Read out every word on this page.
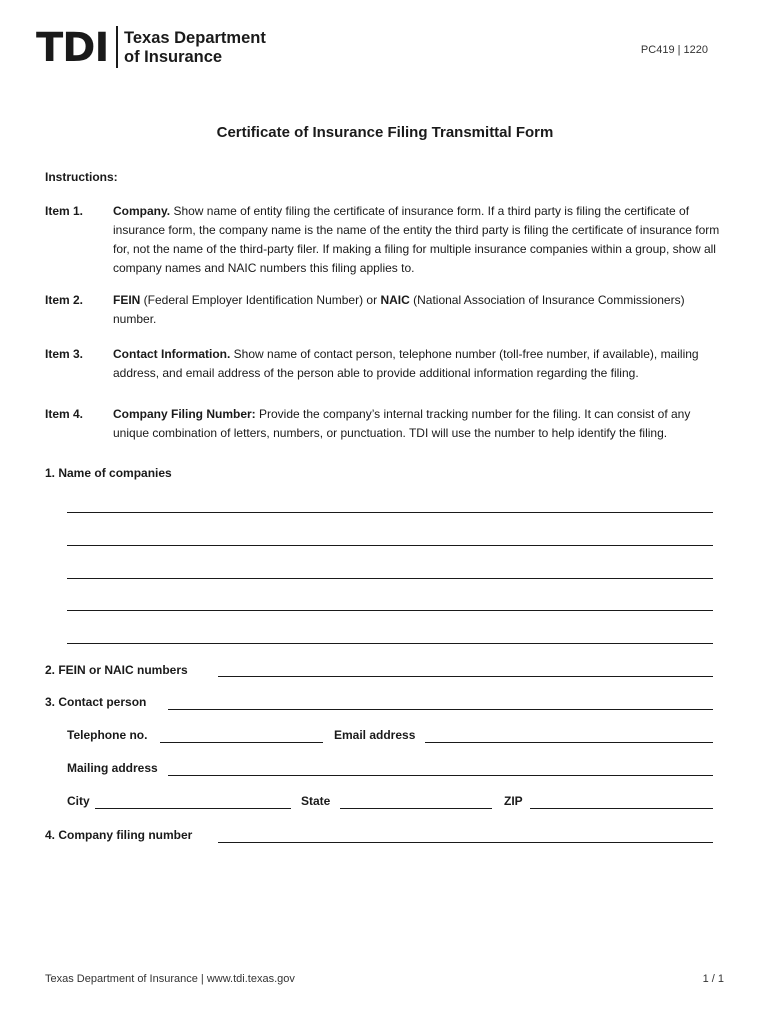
TDI Texas Department
of Insurance	PC419 | 1220
Certificate of Insurance Filing Transmittal Form
Instructions:
Item 1. Company. Show name of entity filing the certificate of insurance form. If a third party is filing the certificate of insurance form, the company name is the name of the entity the third party is filing the certificate of insurance form for, not the name of the third-party filer. If making a filing for multiple insurance companies within a group, show all company names and NAIC numbers this filing applies to.
Item 2. FEIN (Federal Employer Identification Number) or NAIC (National Association of Insurance Commissioners) number.
Item 3. Contact Information. Show name of contact person, telephone number (toll-free number, if available), mailing address, and email address of the person able to provide additional information regarding the filing.
Item 4. Company Filing Number: Provide the company’s internal tracking number for the filing. It can consist of any unique combination of letters, numbers, or punctuation. TDI will use the number to help identify the filing.
1. Name of companies
2. FEIN or NAIC numbers
3. Contact person
Telephone no.	Email address
Mailing address
City	State	ZIP
4. Company filing number
Texas Department of Insurance | www.tdi.texas.gov	1 / 1
